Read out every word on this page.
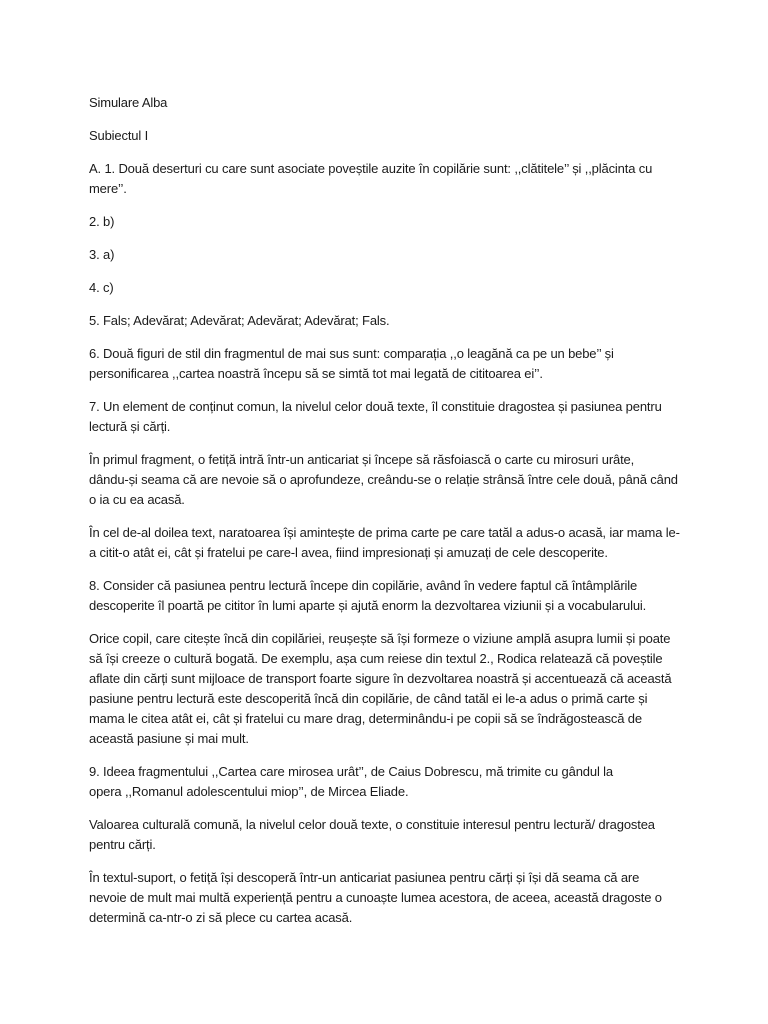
Simulare Alba
Subiectul I
A. 1. Două deserturi cu care sunt asociate poveștile auzite în copilărie sunt: ,,clătitele’’ și ,,plăcinta cu
mere’’.
2. b)
3. a)
4. c)
5. Fals; Adevărat; Adevărat; Adevărat; Adevărat; Fals.
6. Două figuri de stil din fragmentul de mai sus sunt: comparația ,,o leagănă ca pe un bebe’’ și
personificarea ,,cartea noastră începu să se simtă tot mai legată de cititoarea ei’’.
7. Un element de conținut comun, la nivelul celor două texte, îl constituie dragostea și pasiunea pentru
lectură și cărți.
În primul fragment, o fetiță intră într-un anticariat și începe să răsfoiască o carte cu mirosuri urâte,
dându-și seama că are nevoie să o aprofundeze, creându-se o relație strânsă între cele două, până când
o ia cu ea acasă.
În cel de-al doilea text, naratoarea își amintește de prima carte pe care tatăl a adus-o acasă, iar mama le-
a citit-o atât ei, cât și fratelui pe care-l avea, fiind impresionați și amuzați de cele descoperite.
8. Consider că pasiunea pentru lectură începe din copilărie, având în vedere faptul că întâmplările
descoperite îl poartă pe cititor în lumi aparte și ajută enorm la dezvoltarea viziunii și a vocabularului.
Orice copil, care citește încă din copilăriei, reușește să își formeze o viziune amplă asupra lumii și poate
să își creeze o cultură bogată. De exemplu, așa cum reiese din textul 2., Rodica relatează că poveștile
aflate din cărți sunt mijloace de transport foarte sigure în dezvoltarea noastră și accentuează că această
pasiune pentru lectură este descoperită încă din copilărie, de când tatăl ei le-a adus o primă carte și
mama le citea atât ei, cât și fratelui cu mare drag, determinându-i pe copii să se îndrăgostească de
această pasiune și mai mult.
9. Ideea fragmentului ,,Cartea care mirosea urât’’, de Caius Dobrescu, mă trimite cu gândul la
opera ,,Romanul adolescentului miop’’, de Mircea Eliade.
Valoarea culturală comună, la nivelul celor două texte, o constituie interesul pentru lectură/ dragostea
pentru cărți.
În textul-suport, o fetiță își descoperă într-un anticariat pasiunea pentru cărți și își dă seama că are
nevoie de mult mai multă experiență pentru a cunoaște lumea acestora, de aceea, această dragoste o
determină ca-ntr-o zi să plece cu cartea acasă.
